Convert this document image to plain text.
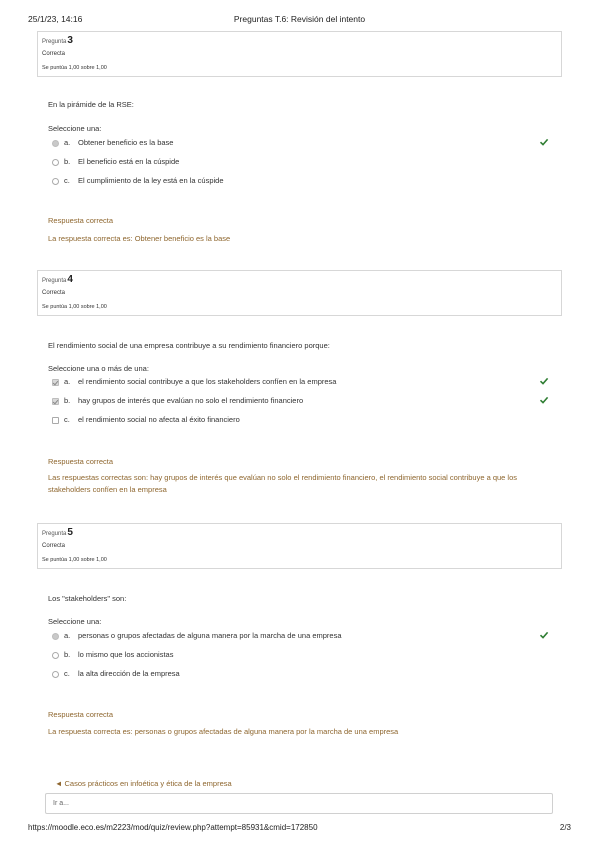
25/1/23, 14:16	Preguntas T.6: Revisión del intento
Pregunta3
Correcta
Se puntúa 1,00 sobre 1,00
En la pirámide de la RSE:
Seleccione una:
a. Obtener beneficio es la base
b. El beneficio está en la cúspide
c. El cumplimiento de la ley está en la cúspide
Respuesta correcta
La respuesta correcta es: Obtener beneficio es la base
Pregunta4
Correcta
Se puntúa 1,00 sobre 1,00
El rendimiento social de una empresa contribuye a su rendimiento financiero porque:
Seleccione una o más de una:
a. el rendimiento social contribuye a que los stakeholders confíen en la empresa
b. hay grupos de interés que evalúan no solo el rendimiento financiero
c. el rendimiento social no afecta al éxito financiero
Respuesta correcta
Las respuestas correctas son: hay grupos de interés que evalúan no solo el rendimiento financiero, el rendimiento social contribuye a que los stakeholders confíen en la empresa
Pregunta5
Correcta
Se puntúa 1,00 sobre 1,00
Los "stakeholders" son:
Seleccione una:
a. personas o grupos afectadas de alguna manera por la marcha de una empresa
b. lo mismo que los accionistas
c. la alta dirección de la empresa
Respuesta correcta
La respuesta correcta es: personas o grupos afectadas de alguna manera por la marcha de una empresa
◄ Casos prácticos en infoética y ética de la empresa
Ir a...
https://moodle.eco.es/m2223/mod/quiz/review.php?attempt=85931&cmid=172850	2/3
